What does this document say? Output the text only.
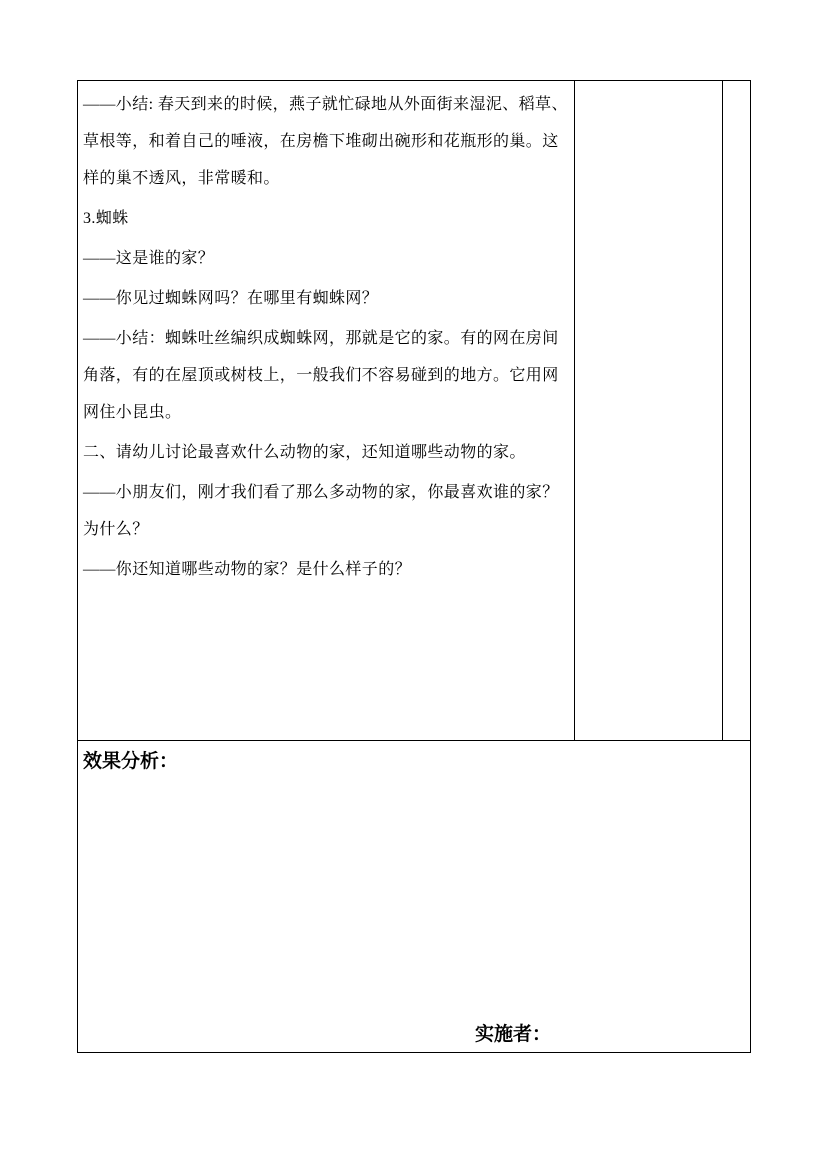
——小结: 春天到来的时候，燕子就忙碌地从外面街来湿泥、稻草、
草根等，和着自己的唾液，在房檐下堆砌出碗形和花瓶形的巢。这
样的巢不透风，非常暖和。
3.蜘蛛
——这是谁的家？
——你见过蜘蛛网吗？在哪里有蜘蛛网？
——小结：蜘蛛吐丝编织成蜘蛛网，那就是它的家。有的网在房间
角落，有的在屋顶或树枝上，一般我们不容易碰到的地方。它用网
网住小昆虫。
二、请幼儿讨论最喜欢什么动物的家，还知道哪些动物的家。
——小朋友们，刚才我们看了那么多动物的家，你最喜欢谁的家？
为什么？
——你还知道哪些动物的家？是什么样子的？
效果分析：
实施者：
